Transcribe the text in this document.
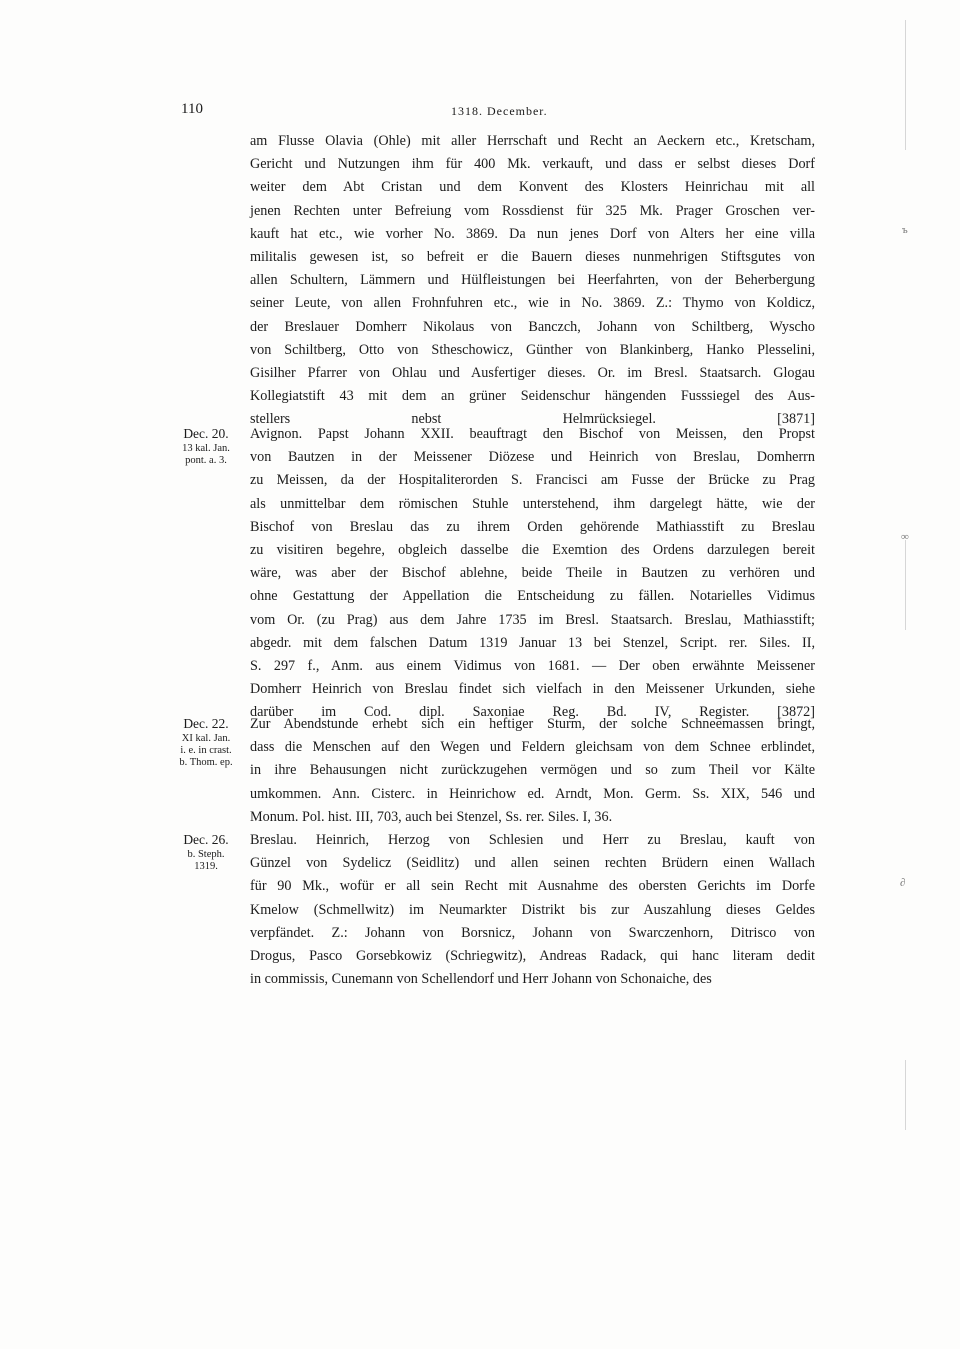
110	1318. December.
am Flusse Olavia (Ohle) mit aller Herrschaft und Recht an Aeckern etc., Kretscham,
Gericht und Nutzungen ihm für 400 Mk. verkauft, und dass er selbst dieses Dorf
weiter dem Abt Cristan und dem Konvent des Klosters Heinrichau mit all
jenen Rechten unter Befreiung vom Rossdienst für 325 Mk. Prager Groschen ver-
kauft hat etc., wie vorher No. 3869. Da nun jenes Dorf von Alters her eine villa
militalis gewesen ist, so befreit er die Bauern dieses nunmehrigen Stiftsgutes von
allen Schultern, Lämmern und Hülfleistungen bei Heerfahrten, von der Beherbergung
seiner Leute, von allen Frohnfuhren etc., wie in No. 3869. Z.: Thymo von Koldicz,
der Breslauer Domherr Nikolaus von Banczch, Johann von Schiltberg, Wyscho
von Schiltberg, Otto von Stheschowicz, Günther von Blankinberg, Hanko Plesselini,
Gisilher Pfarrer von Ohlau und Ausfertiger dieses. Or. im Bresl. Staatsarch. Glogau
Kollegiatstift 43 mit dem an grüner Seidenschur hängenden Fusssiegel des Aus-
stellers nebst Helmrücksiegel. [3871]
Avignon. Papst Johann XXII. beauftragt den Bischof von Meissen, den Propst
von Bautzen in der Meissener Diözese und Heinrich von Breslau, Domherrn
zu Meissen, da der Hospitaliterorden S. Francisci am Fusse der Brücke zu Prag
als unmittelbar dem römischen Stuhle unterstehend, ihm dargelegt hätte, wie der
Bischof von Breslau das zu ihrem Orden gehörende Mathiasstift zu Breslau
zu visitiren begehre, obgleich dasselbe die Exemtion des Ordens darzulegen bereit
wäre, was aber der Bischof ablehne, beide Theile in Bautzen zu verhören und
ohne Gestattung der Appellation die Entscheidung zu fällen. Notarielles Vidimus
vom Or. (zu Prag) aus dem Jahre 1735 im Bresl. Staatsarch. Breslau, Mathiasstift;
abgedr. mit dem falschen Datum 1319 Januar 13 bei Stenzel, Script. rer. Siles. II,
S. 297 f., Anm. aus einem Vidimus von 1681. — Der oben erwähnte Meissener
Domherr Heinrich von Breslau findet sich vielfach in den Meissener Urkunden, siehe
darüber im Cod. dipl. Saxoniae Reg. Bd. IV, Register. [3872]
Dec. 20.
13 kal. Jan.
pont. a. 3.
Zur Abendstunde erhebt sich ein heftiger Sturm, der solche Schneemassen bringt,
dass die Menschen auf den Wegen und Feldern gleichsam von dem Schnee erblindet,
in ihre Behausungen nicht zurückzugehen vermögen und so zum Theil vor Kälte
umkommen. Ann. Cisterc. in Heinrichow ed. Arndt, Mon. Germ. Ss. XIX, 546 und
Monum. Pol. hist. III, 703, auch bei Stenzel, Ss. rer. Siles. I, 36.
Dec. 22.
XI kal. Jan.
i. e. in crast.
b. Thom. ep.
Breslau. Heinrich, Herzog von Schlesien und Herr zu Breslau, kauft von
Günzel von Sydelicz (Seidlitz) und allen seinen rechten Brüdern einen Wallach
für 90 Mk., wofür er all sein Recht mit Ausnahme des obersten Gerichts im Dorfe
Kmelow (Schmellwitz) im Neumarkter Distrikt bis zur Auszahlung dieses Geldes
verpfändet. Z.: Johann von Borsnicz, Johann von Swarczenhorn, Ditrisco von
Drogus, Pasco Gorsebkowiz (Schriegwitz), Andreas Radack, qui hanc literam dedit
in commissis, Cunemann von Schellendorf und Herr Johann von Schonaiche, des
Dec. 26.
b. Steph.
1319.
ъ
∞
∂
